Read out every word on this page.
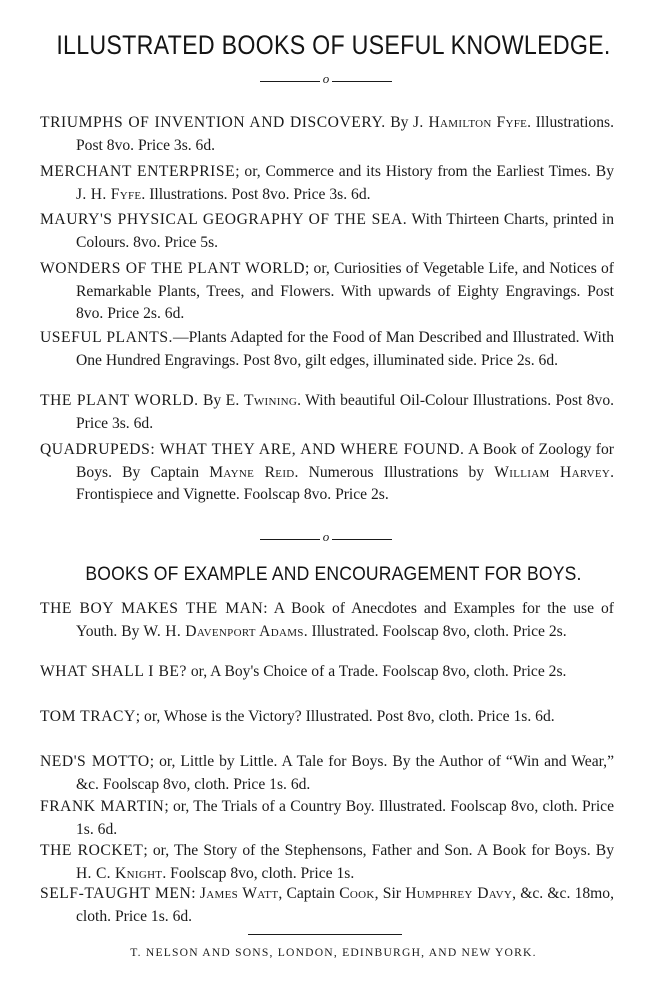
ILLUSTRATED BOOKS OF USEFUL KNOWLEDGE.
o
TRIUMPHS OF INVENTION AND DISCOVERY. By J. Hamilton Fyfe. Illustrations. Post 8vo. Price 3s. 6d.
MERCHANT ENTERPRISE; or, Commerce and its History from the Earliest Times. By J. H. Fyfe. Illustrations. Post 8vo. Price 3s. 6d.
MAURY'S PHYSICAL GEOGRAPHY OF THE SEA. With Thirteen Charts, printed in Colours. 8vo. Price 5s.
WONDERS OF THE PLANT WORLD; or, Curiosities of Vegetable Life, and Notices of Remarkable Plants, Trees, and Flowers. With upwards of Eighty Engravings. Post 8vo. Price 2s. 6d.
USEFUL PLANTS.—Plants Adapted for the Food of Man Described and Illustrated. With One Hundred Engravings. Post 8vo, gilt edges, illuminated side. Price 2s. 6d.
THE PLANT WORLD. By E. Twining. With beautiful Oil-Colour Illustrations. Post 8vo. Price 3s. 6d.
QUADRUPEDS: WHAT THEY ARE, AND WHERE FOUND. A Book of Zoology for Boys. By Captain Mayne Reid. Numerous Illustrations by William Harvey. Frontispiece and Vignette. Foolscap 8vo. Price 2s.
o
BOOKS OF EXAMPLE AND ENCOURAGEMENT FOR BOYS.
THE BOY MAKES THE MAN: A Book of Anecdotes and Examples for the use of Youth. By W. H. Davenport Adams. Illustrated. Foolscap 8vo, cloth. Price 2s.
WHAT SHALL I BE? or, A Boy's Choice of a Trade. Foolscap 8vo, cloth. Price 2s.
TOM TRACY; or, Whose is the Victory? Illustrated. Post 8vo, cloth. Price 1s. 6d.
NED'S MOTTO; or, Little by Little. A Tale for Boys. By the Author of “Win and Wear,” &c. Foolscap 8vo, cloth. Price 1s. 6d.
FRANK MARTIN; or, The Trials of a Country Boy. Illustrated. Foolscap 8vo, cloth. Price 1s. 6d.
THE ROCKET; or, The Story of the Stephensons, Father and Son. A Book for Boys. By H. C. Knight. Foolscap 8vo, cloth. Price 1s.
SELF-TAUGHT MEN: James Watt, Captain Cook, Sir Humphrey Davy, &c. &c. 18mo, cloth. Price 1s. 6d.
T. NELSON AND SONS, LONDON, EDINBURGH, AND NEW YORK.
